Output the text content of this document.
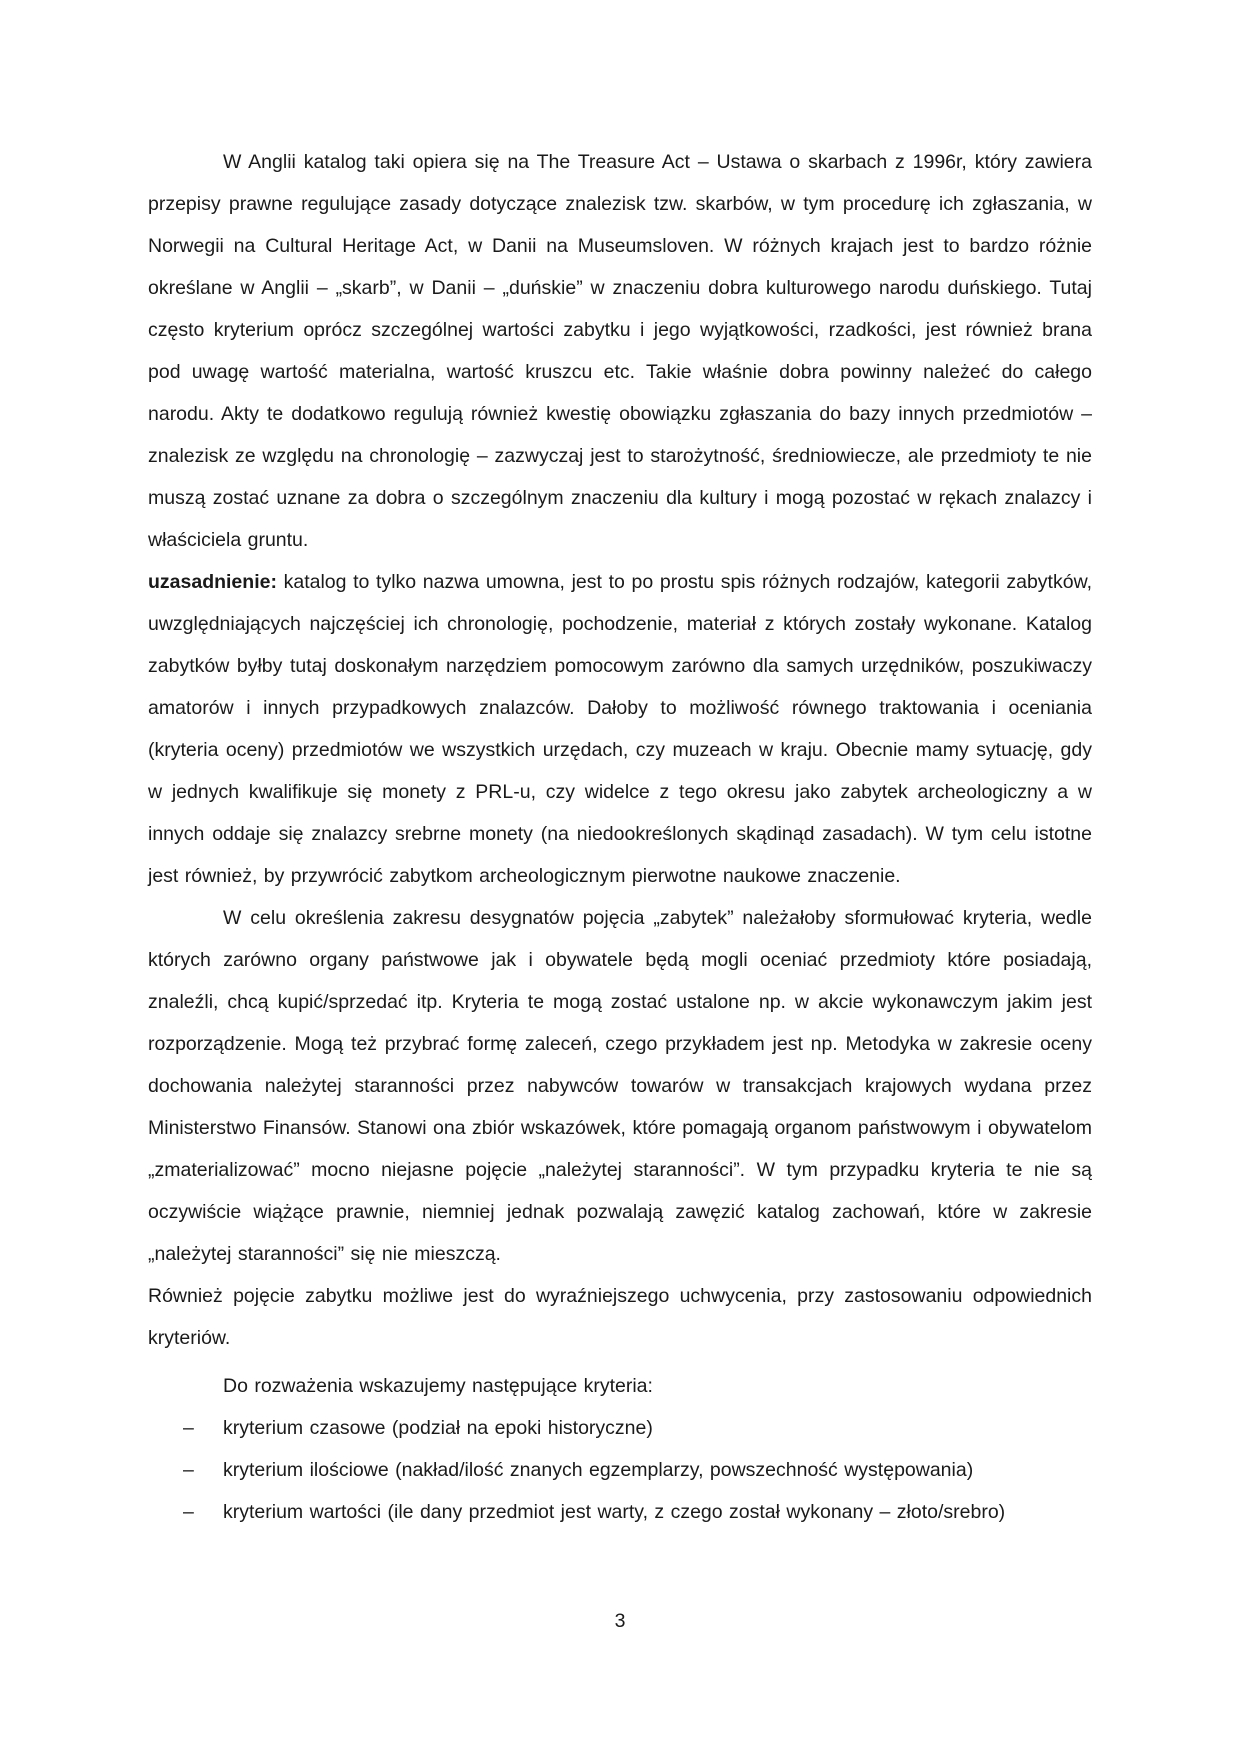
W Anglii katalog taki opiera się na The Treasure Act – Ustawa o skarbach z 1996r, który zawiera przepisy prawne regulujące zasady dotyczące znalezisk tzw. skarbów, w tym procedurę ich zgłaszania, w Norwegii na Cultural Heritage Act, w Danii na Museumsloven. W różnych krajach jest to bardzo różnie określane w Anglii – „skarb”, w Danii – „duńskie” w znaczeniu dobra kulturowego narodu duńskiego. Tutaj często kryterium oprócz szczególnej wartości zabytku i jego wyjątkowości, rzadkości, jest również brana pod uwagę wartość materialna, wartość kruszcu etc. Takie właśnie dobra powinny należeć do całego narodu. Akty te dodatkowo regulują również kwestię obowiązku zgłaszania do bazy innych przedmiotów – znalezisk ze względu na chronologię – zazwyczaj jest to starożytność, średniowiecze, ale przedmioty te nie muszą zostać uznane za dobra o szczególnym znaczeniu dla kultury i mogą pozostać w rękach znalazcy i właściciela gruntu.

uzasadnienie: katalog to tylko nazwa umowna, jest to po prostu spis różnych rodzajów, kategorii zabytków, uwzględniających najczęściej ich chronologię, pochodzenie, materiał z których zostały wykonane. Katalog zabytków byłby tutaj doskonałym narzędziem pomocowym zarówno dla samych urzędników, poszukiwaczy amatorów i innych przypadkowych znalazców. Dałoby to możliwość równego traktowania i oceniania (kryteria oceny) przedmiotów we wszystkich urzędach, czy muzeach w kraju. Obecnie mamy sytuację, gdy w jednych kwalifikuje się monety z PRL-u, czy widelce z tego okresu jako zabytek archeologiczny a w innych oddaje się znalazcy srebrne monety (na niedookreślonych skądinąd zasadach). W tym celu istotne jest również, by przywrócić zabytkom archeologicznym pierwotne naukowe znaczenie.

W celu określenia zakresu desygnatów pojęcia „zabytek” należałoby sformułować kryteria, wedle których zarówno organy państwowe jak i obywatele będą mogli oceniać przedmioty które posiadają, znaleźli, chcą kupić/sprzedać itp. Kryteria te mogą zostać ustalone np. w akcie wykonawczym jakim jest rozporządzenie. Mogą też przybrać formę zaleceń, czego przykładem jest np. Metodyka w zakresie oceny dochowania należytej staranności przez nabywców towarów w transakcjach krajowych wydana przez Ministerstwo Finansów. Stanowi ona zbiór wskazówek, które pomagają organom państwowym i obywatelom „zmaterializować” mocno niejasne pojęcie „należytej staranności”. W tym przypadku kryteria te nie są oczywiście wiążące prawnie, niemniej jednak pozwalają zawęzić katalog zachowań, które w zakresie „należytej staranności” się nie mieszczą.

Również pojęcie zabytku możliwe jest do wyraźniejszego uchwycenia, przy zastosowaniu odpowiednich kryteriów.

Do rozważenia wskazujemy następujące kryteria:

– kryterium czasowe (podział na epoki historyczne)
– kryterium ilościowe (nakład/ilość znanych egzemplarzy, powszechność występowania)
– kryterium wartości (ile dany przedmiot jest warty, z czego został wykonany – złoto/srebro)
3
